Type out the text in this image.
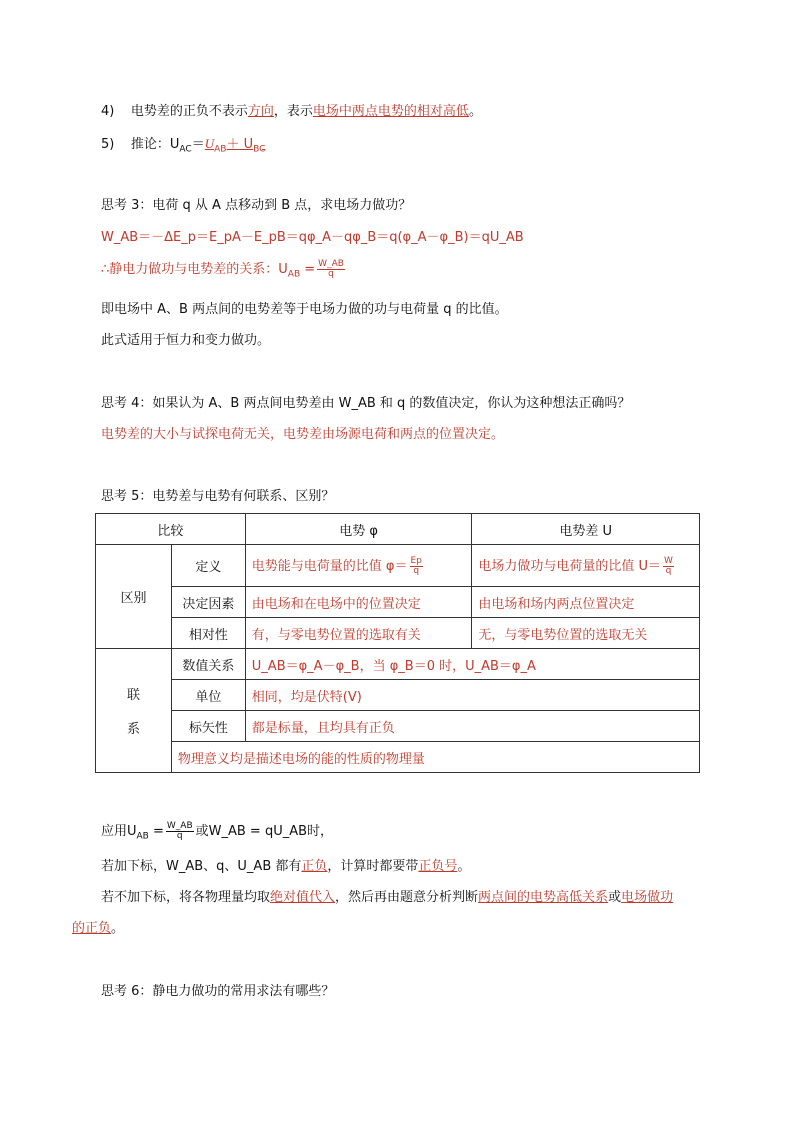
4) 电势差的正负不表示方向，表示电场中两点电势的相对高低。
5) 推论：$U_{AC}=U_{AB}+ U_{BC}$
思考 3：电荷 q 从 A 点移动到 B 点，求电场力做功？
W_AB＝－ΔE_p＝E_pA－E_pB＝qφ_A－qφ_B＝q(φ_A－φ_B)＝qU_AB
∴静电力做功与电势差的关系：$U_{AB} = \frac{W\_AB}{q}$
即电场中 A、B 两点间的电势差等于电场力做的功与电荷量 q 的比值。
此式适用于恒力和变力做功。
思考 4：如果认为 A、B 两点间电势差由 W_AB 和 q 的数值决定，你认为这种想法正确吗？
电势差的大小与试探电荷无关，电势差由场源电荷和两点的位置决定。
思考 5：电势差与电势有何联系、区别？
比较		电势 φ	电势差 U
区别	定义	电势能与电荷量的比值 $\varphi= \frac{Ep}{q}$	电场力做功与电荷量的比值 $U= \frac{W}{q}$

	决定因素	由电场和在电场中的位置决定	由电场和场内两点位置决定
	相对性	有，与零电势位置的选取有关	无，与零电势位置的选取无关
联

系	数值关系	U_AB＝φ_A－φ_B，当 φ_B＝0 时，U_AB＝φ_A	
	单位	相同，均是伏特(V)	
	标矢性	都是标量，且均具有正负	
	物理意义均是描述电场的能的性质的物理量		
应用$U_{AB} = \frac{W\_AB}{q}$ 或W_AB = qU_AB时，
若加下标，W_AB、q、U_AB 都有正负，计算时都要带正负号。
若不加下标，将各物理量均取绝对值代入，然后再由题意分析判断两点间的电势高低关系或电场做功
的正负。
思考 6：静电力做功的常用求法有哪些？
